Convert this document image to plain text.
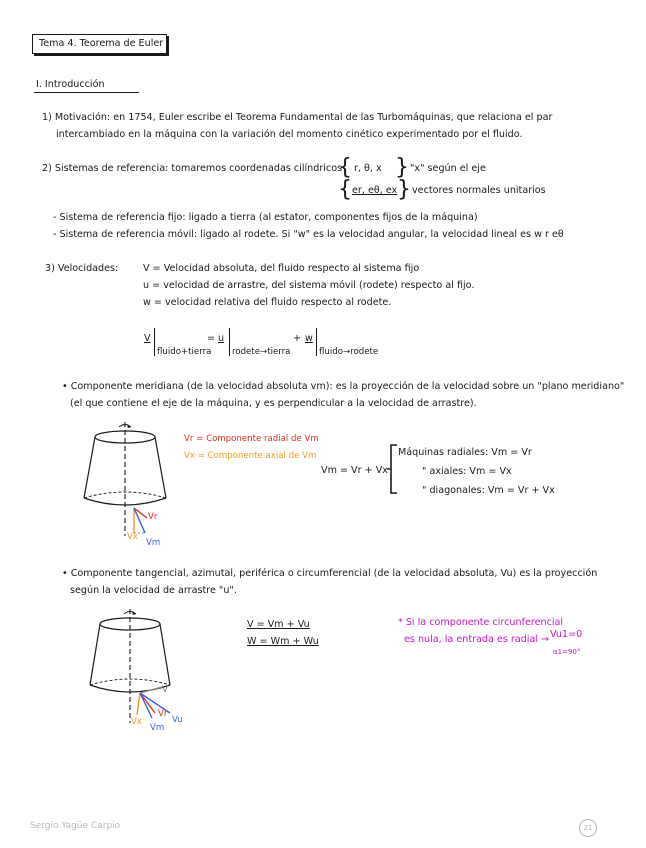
Tema 4. Teorema de Euler
I. Introducción
1) Motivación: en 1754, Euler escribe el Teorema Fundamental de las Turbomáquinas, que relaciona el par
intercambiado en la máquina con la variación del momento cinético experimentado por el fluido.
2) Sistemas de referencia: tomaremos coordenadas cilíndricos
{ r, θ, x } "x" según el eje
{ er, eθ, ex } vectores normales unitarios
- Sistema de referencia fijo: ligado a tierra (al estator, componentes fijos de la máquina)
- Sistema de referencia móvil: ligado al rodete. Si "w" es la velocidad angular, la velocidad lineal es w r eθ
3) Velocidades:	V = Velocidad absoluta, del fluido respecto al sistema fijo
u = velocidad de arrastre, del sistema móvil (rodete) respecto al fijo.
w = velocidad relativa del fluido respecto al rodete.
V
fluido+tierra
= u
rodete→tierra
+ w
fluido→rodete
• Componente meridiana (de la velocidad absoluta vm): es la proyección de la velocidad sobre un "plano meridiano"
(el que contiene el eje de la máquina, y es perpendicular a la velocidad de arrastre).
Vr
Vx
Vm
Vr = Componente radial de Vm
Vx = Componente axial de Vm
Vm = Vr + Vx
Máquinas radiales: Vm = Vr
" axiales: Vm = Vx
" diagonales: Vm = Vr + Vx
• Componente tangencial, azimutal, periférica o circumferencial (de la velocidad absoluta, Vu) es la proyección
según la velocidad de arrastre "u".
V
Vx
Vr
Vm
Vu
V = Vm + Vu
W = Wm + Wu
* Si la componente circunferencial
es nula, la entrada es radial → Vu1=0
α1=90°
Sergio Yagüe Carpio	21
